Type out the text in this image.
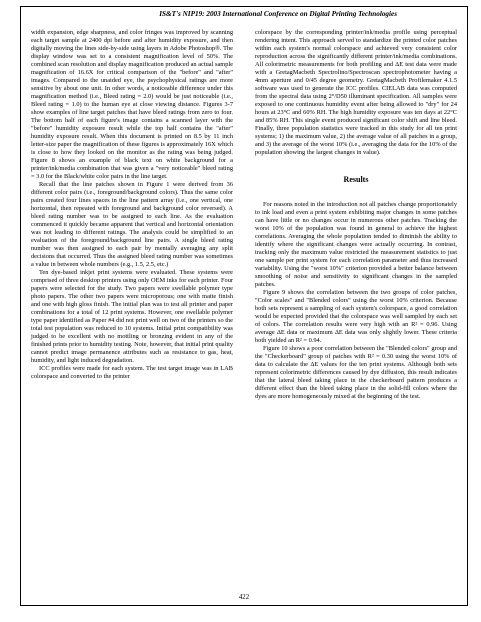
IS&T's NIP19: 2003 International Conference on Digital Printing Technologies

width expansion, edge sharpness, and color fringes was improved by scanning each target sample at 2400 dpi before and after humidity exposure, and then digitally moving the lines side-by-side using layers in Adobe Photoshop®. The display window was set to a consistent magnification level of 50%. The combined scan resolution and display magnification produced an actual sample magnification of 16.6X for critical comparison of the "before" and "after" images. Compared to the unaided eye, the psychophysical ratings are more sensitive by about one unit. In other words, a noticeable difference under this magnification method (i.e., Bleed rating = 2.0) would be just noticeable (i.e., Bleed rating = 1.0) to the human eye at close viewing distance. Figures 3-7 show examples of line target patches that have bleed ratings from zero to four. The bottom half of each figure's image contains a scanned layer with the "before" humidity exposure result while the top half contains the "after" humidity exposure result. When this document is printed on 8.5 by 11 inch letter-size paper the magnification of these figures is approximately 16X which is close to how they looked on the monitor as the rating was being judged. Figure 8 shows an example of black text on white background for a printer/ink/media combination that was given a "very noticeable" bleed rating = 3.0 for the Black/white color pairs in the line target.

Recall that the line patches shown in Figure 1 were derived from 36 different color pairs (i.e., foreground/background colors). Thus the same color pairs created four lines spaces in the line pattern array (i.e., one vertical, one horizontal, then repeated with foreground and background color reversed). A bleed rating number was to be assigned to each line. As the evaluation commenced it quickly became apparent that vertical and horizontal orientation was not leading to different ratings. The analysis could be simplified to an evaluation of the foreground/background line pairs. A single bleed rating number was then assigned to each pair by mentally averaging any split decisions that occurred. Thus the assigned bleed rating number was sometimes a value in between whole numbers (e.g., 1.5, 2.5, etc.)

Ten dye-based inkjet print systems were evaluated. These systems were comprised of three desktop printers using only OEM inks for each printer. Four papers were selected for the study. Two papers were swellable polymer type photo papers. The other two papers were microporous; one with matte finish and one with high gloss finish. The initial plan was to test all printer and paper combinations for a total of 12 print systems. However, one swellable polymer type paper identified as Paper #4 did not print well on two of the printers so the total test population was reduced to 10 systems. Initial print compatibility was judged to be excellent with no mottling or bronzing evident in any of the finished prints prior to humidity testing. Note, however, that initial print quality cannot predict image permanence attributes such as resistance to gas, heat, humidity, and light induced degradation.

ICC profiles were made for each system. The test target image was in LAB colorspace and converted to the printer

colorspace by the corresponding printer/ink/media profile using perceptual rendering intent. This approach served to standardize the printed color patches within each system's normal colorspace and achieved very consistent color reproduction across the significantly different printer/ink/media combinations. All colorimetric measurements for both profiling and ΔE test data were made with a GretagMacbeth Spectrolino/Spectroscan spectrophotometer having a 4mm aperture and 0/45 degree geometry. GretagMacbeth Profilemaker 4.1.5 software was used to generate the ICC profiles. CIELAB data was computed from the spectral data using 2°/D50 illuminant specification. All samples were exposed to one continuous humidity event after being allowed to "dry" for 24 hours at 23°C and 60% RH. The high humidity exposure was ten days at 22°C and 85% RH. This single event produced significant color shift and line bleed. Finally, three population statistics were tracked in this study for all ten print systems; 1) the maximum value, 2) the average value of all patches in a group, and 3) the average of the worst 10% (i.e., averaging the data for the 10% of the population showing the largest changes in value).

Results

For reasons noted in the introduction not all patches change proportionately to ink load and even a print system exhibiting major changes in some patches can have little or no changes occur in numerous other patches. Tracking the worst 10% of the population was found in general to achieve the highest correlations. Averaging the whole population tended to diminish the ability to identify where the significant changes were actually occurring. In contrast, tracking only the maximum value restricted the measurement statistics to just one sample per print system for each correlation parameter and thus increased variability. Using the "worst 10%" criterion provided a better balance between smoothing of noise and sensitivity to significant changes in the sampled patches.

Figure 9 shows the correlation between the two groups of color patches, "Color scales" and "Blended colors" using the worst 10% criterion. Because both sets represent a sampling of each system's colorspace, a good correlation would be expected provided that the colorspace was well sampled by each set of colors. The correlation results were very high with an R² = 0.96. Using average ΔE data or maximum ΔE data was only slightly lower. These criteria both yielded an R² = 0.94.

Figure 10 shows a poor correlation between the "Blended colors" group and the "Checkerboard" group of patches with R² = 0.30 using the worst 10% of data to calculate the ΔE values for the ten print systems. Although both sets represent colorimetric differences caused by dye diffusion, this result indicates that the lateral bleed taking place in the checkerboard pattern produces a different effect than the bleed taking place in the solid-fill colors where the dyes are more homogeneously mixed at the beginning of the test.

422
